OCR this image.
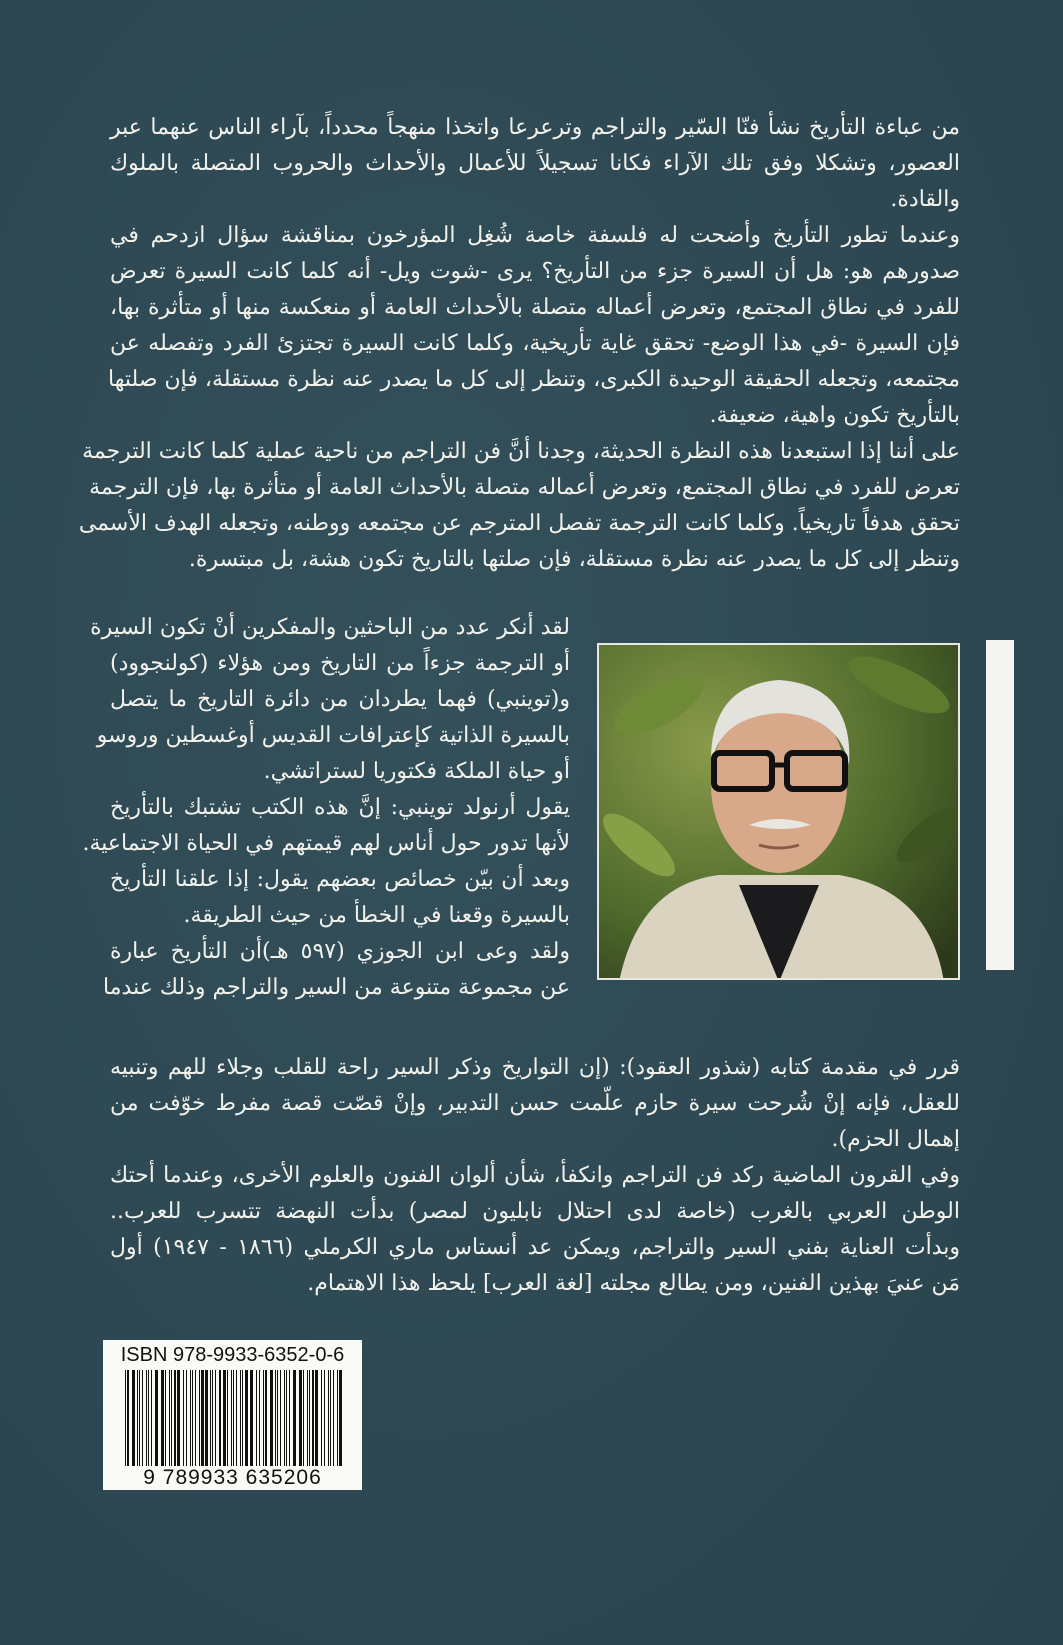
من عباءة التأريخ نشأ فنّا السّير والتراجم وترعرعا واتخذا منهجاً محدداً، بآراء الناس عنهما عبر
العصور، وتشكلا وفق تلك الآراء فكانا تسجيلاً للأعمال والأحداث والحروب المتصلة بالملوك
والقادة.
وعندما تطور التأريخ وأضحت له فلسفة خاصة شُغِل المؤرخون بمناقشة سؤال ازدحم في
صدورهم هو: هل أن السيرة جزء من التأريخ؟ يرى -شوت ويل- أنه كلما كانت السيرة تعرض
للفرد في نطاق المجتمع، وتعرض أعماله متصلة بالأحداث العامة أو منعكسة منها أو متأثرة بها،
فإن السيرة -في هذا الوضع- تحقق غاية تأريخية، وكلما كانت السيرة تجتزئ الفرد وتفصله عن
مجتمعه، وتجعله الحقيقة الوحيدة الكبرى، وتنظر إلى كل ما يصدر عنه نظرة مستقلة، فإن صلتها
بالتأريخ تكون واهية، ضعيفة.
على أننا إذا استبعدنا هذه النظرة الحديثة، وجدنا أنَّ فن التراجم من ناحية عملية كلما كانت الترجمة
تعرض للفرد في نطاق المجتمع، وتعرض أعماله متصلة بالأحداث العامة أو متأثرة بها، فإن الترجمة
تحقق هدفاً تاريخياً. وكلما كانت الترجمة تفصل المترجم عن مجتمعه ووطنه، وتجعله الهدف الأسمى
وتنظر إلى كل ما يصدر عنه نظرة مستقلة، فإن صلتها بالتاريخ تكون هشة، بل مبتسرة.
لقد أنكر عدد من الباحثين والمفكرين أنْ تكون السيرة
أو الترجمة جزءاً من التاريخ ومن هؤلاء (كولنجوود)
و(توينبي) فهما يطردان من دائرة التاريخ ما يتصل
بالسيرة الذاتية كإعترافات القديس أوغسطين وروسو
أو حياة الملكة فكتوريا لستراتشي.
يقول أرنولد توينبي: إنَّ هذه الكتب تشتبك بالتأريخ
لأنها تدور حول أناس لهم قيمتهم في الحياة الاجتماعية.
وبعد أن بيّن خصائص بعضهم يقول: إذا علقنا التأريخ
بالسيرة وقعنا في الخطأ من حيث الطريقة.
ولقد وعى ابن الجوزي (٥٩٧ هـ)أن التأريخ عبارة
عن مجموعة متنوعة من السير والتراجم وذلك عندما
قرر في مقدمة كتابه (شذور العقود): (إن التواريخ وذكر السير راحة للقلب وجلاء للهم وتنبيه
للعقل، فإنه إنْ شُرحت سيرة حازم علّمت حسن التدبير، وإنْ قصّت قصة مفرط خوّفت من
إهمال الحزم).
وفي القرون الماضية ركد فن التراجم وانكفأ، شأن ألوان الفنون والعلوم الأخرى، وعندما أحتك
الوطن العربي بالغرب (خاصة لدى احتلال نابليون لمصر) بدأت النهضة تتسرب للعرب..
وبدأت العناية بفني السير والتراجم، ويمكن عد أنستاس ماري الكرملي (١٨٦٦ - ١٩٤٧) أول
مَن عنيَ بهذين الفنين، ومن يطالع مجلته [لغة العرب] يلحظ هذا الاهتمام.
ISBN 978-9933-6352-0-6
9 789933 635206
